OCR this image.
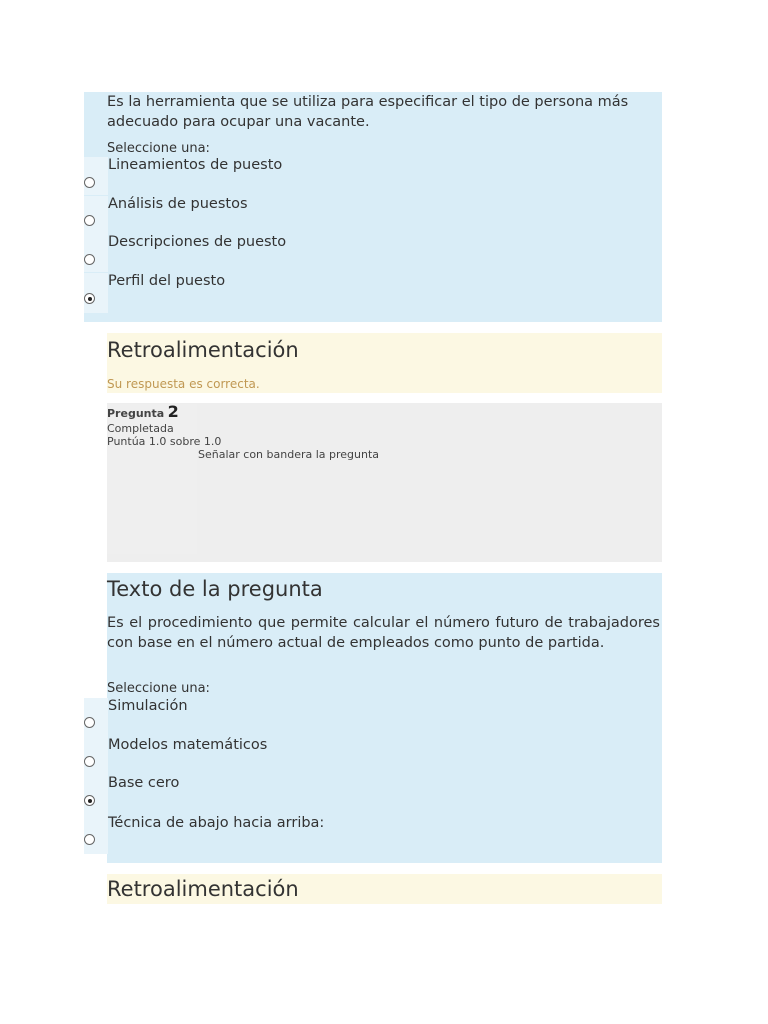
Es la herramienta que se utiliza para especificar el tipo de persona más adecuado para ocupar una vacante.
Seleccione una:
Lineamientos de puesto
Análisis de puestos
Descripciones de puesto
Perfil del puesto
Retroalimentación
Su respuesta es correcta.
Pregunta 2
Completada
Puntúa 1.0 sobre 1.0
Señalar con bandera la pregunta
Texto de la pregunta
Es el procedimiento que permite calcular el número futuro de trabajadores con base en el número actual de empleados como punto de partida.
Seleccione una:
Simulación
Modelos matemáticos
Base cero
Técnica de abajo hacia arriba:
Retroalimentación
